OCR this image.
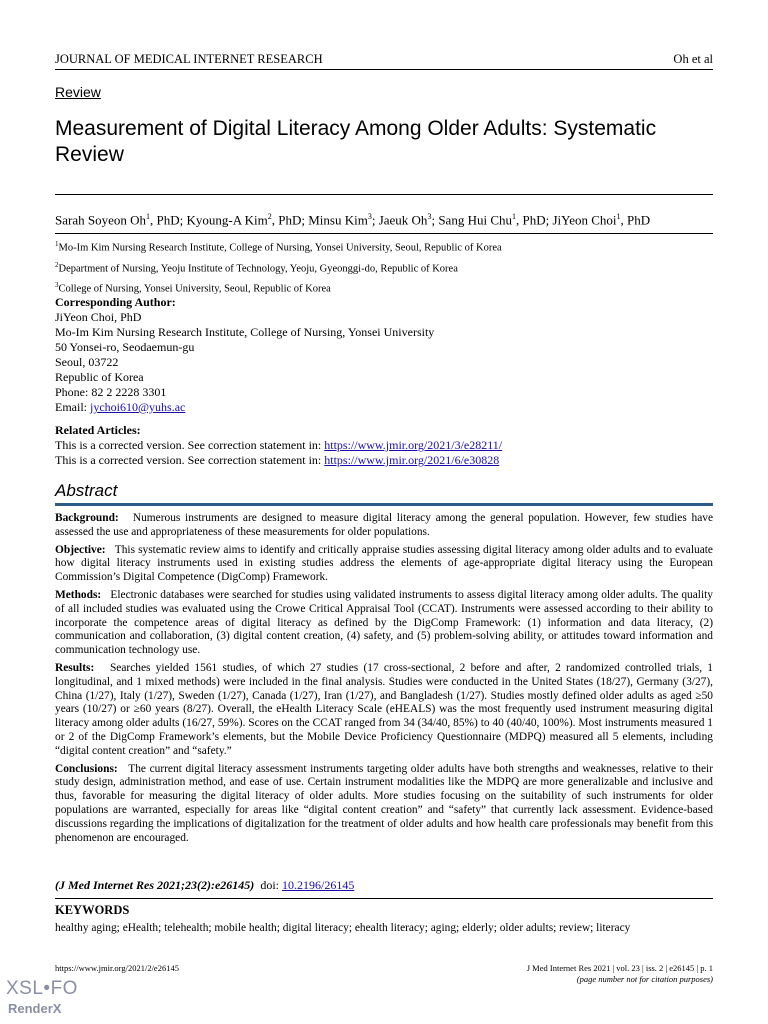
JOURNAL OF MEDICAL INTERNET RESEARCH	Oh et al
Review
Measurement of Digital Literacy Among Older Adults: Systematic Review
Sarah Soyeon Oh$^1$, PhD; Kyoung-A Kim$^2$, PhD; Minsu Kim$^3$; Jaeuk Oh$^3$; Sang Hui Chu$^1$, PhD; JiYeon Choi$^1$, PhD
$^1$Mo-Im Kim Nursing Research Institute, College of Nursing, Yonsei University, Seoul, Republic of Korea
$^2$Department of Nursing, Yeoju Institute of Technology, Yeoju, Gyeonggi-do, Republic of Korea
$^3$College of Nursing, Yonsei University, Seoul, Republic of Korea
Corresponding Author:
JiYeon Choi, PhD
Mo-Im Kim Nursing Research Institute, College of Nursing, Yonsei University
50 Yonsei-ro, Seodaemun-gu
Seoul, 03722
Republic of Korea
Phone: 82 2 2228 3301
Email: jychoi610@yuhs.ac
Related Articles:
This is a corrected version. See correction statement in: https://www.jmir.org/2021/3/e28211/
This is a corrected version. See correction statement in: https://www.jmir.org/2021/6/e30828
Abstract

Background: Numerous instruments are designed to measure digital literacy among the general population. However, few studies have assessed the use and appropriateness of these measurements for older populations.

Objective: This systematic review aims to identify and critically appraise studies assessing digital literacy among older adults and to evaluate how digital literacy instruments used in existing studies address the elements of age-appropriate digital literacy using the European Commission’s Digital Competence (DigComp) Framework.

Methods: Electronic databases were searched for studies using validated instruments to assess digital literacy among older adults. The quality of all included studies was evaluated using the Crowe Critical Appraisal Tool (CCAT). Instruments were assessed according to their ability to incorporate the competence areas of digital literacy as defined by the DigComp Framework: (1) information and data literacy, (2) communication and collaboration, (3) digital content creation, (4) safety, and (5) problem-solving ability, or attitudes toward information and communication technology use.

Results: Searches yielded 1561 studies, of which 27 studies (17 cross-sectional, 2 before and after, 2 randomized controlled trials, 1 longitudinal, and 1 mixed methods) were included in the final analysis. Studies were conducted in the United States (18/27), Germany (3/27), China (1/27), Italy (1/27), Sweden (1/27), Canada (1/27), Iran (1/27), and Bangladesh (1/27). Studies mostly defined older adults as aged ≥50 years (10/27) or ≥60 years (8/27). Overall, the eHealth Literacy Scale (eHEALS) was the most frequently used instrument measuring digital literacy among older adults (16/27, 59%). Scores on the CCAT ranged from 34 (34/40, 85%) to 40 (40/40, 100%). Most instruments measured 1 or 2 of the DigComp Framework’s elements, but the Mobile Device Proficiency Questionnaire (MDPQ) measured all 5 elements, including “digital content creation” and “safety.”

Conclusions: The current digital literacy assessment instruments targeting older adults have both strengths and weaknesses, relative to their study design, administration method, and ease of use. Certain instrument modalities like the MDPQ are more generalizable and inclusive and thus, favorable for measuring the digital literacy of older adults. More studies focusing on the suitability of such instruments for older populations are warranted, especially for areas like “digital content creation” and “safety” that currently lack assessment. Evidence-based discussions regarding the implications of digitalization for the treatment of older adults and how health care professionals may benefit from this phenomenon are encouraged.

(J Med Internet Res 2021;23(2):e26145) doi: 10.2196/26145
KEYWORDS
healthy aging; eHealth; telehealth; mobile health; digital literacy; ehealth literacy; aging; elderly; older adults; review; literacy
https://www.jmir.org/2021/2/e26145	J Med Internet Res 2021 | vol. 23 | iss. 2 | e26145 | p. 1
(page number not for citation purposes)
XSL•FO
RenderX
